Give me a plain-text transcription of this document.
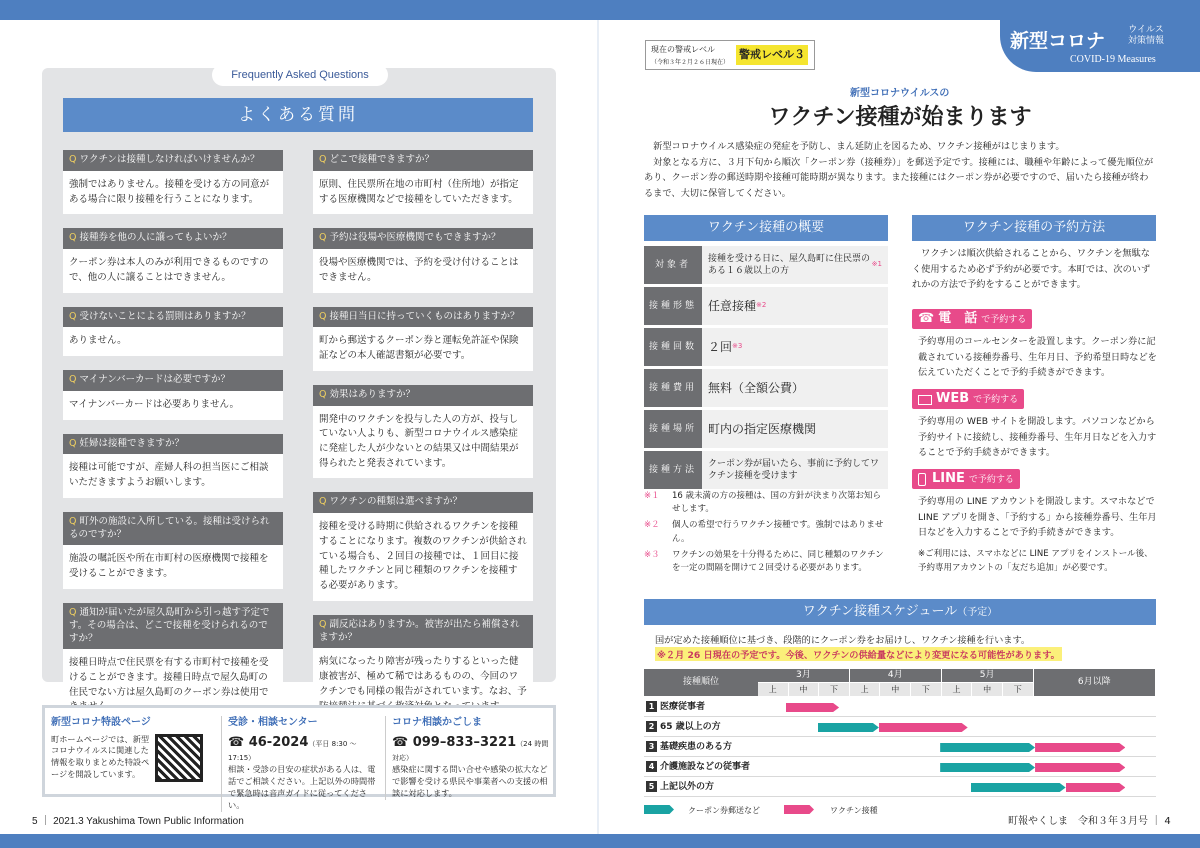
Frequently Asked Questions
よくある質問
Q ワクチンは接種しなければいけませんか？
強制ではありません。接種を受ける方の同意がある場合に限り接種を行うことになります。
Q 接種券を他の人に譲ってもよいか？
クーポン券は本人のみが利用できるものですので、他の人に譲ることはできません。
Q 受けないことによる罰則はありますか？
ありません。
Q マイナンバーカードは必要ですか？
マイナンバーカードは必要ありません。
Q 妊婦は接種できますか？
接種は可能ですが、産婦人科の担当医にご相談いただきますようお願いします。
Q 町外の施設に入所している。接種は受けられるのですか？
施設の嘱託医や所在市町村の医療機関で接種を受けることができます。
Q 通知が届いたが屋久島町から引っ越す予定です。その場合は、どこで接種を受けられるのですか？
接種日時点で住民票を有する市町村で接種を受けることができます。接種日時点で屋久島町の住民でない方は屋久島町のクーポン券は使用で
Q どこで接種できますか？
原則、住民票所在地の市町村（住所地）が指定する医療機関などで接種をしていただきます。
Q 予約は役場や医療機関でもできますか？
役場や医療機関では、予約を受け付けることはできません。
Q 接種日当日に持っていくものはありますか？
町から郵送するクーポン券と運転免許証や保険証などの本人確認書類が必要です。
Q 効果はありますか？
開発中のワクチンを投与した人の方が、投与していない人よりも、新型コロナウイルス感染症に発症した人が少ないとの結果又は中間結果が得られたと発表されています。
Q ワクチンの種類は選べますか？
接種を受ける時期に供給されるワクチンを接種することになります。複数のワクチンが供給されている場合も、２回目の接種では、１回目に接種したワクチンと同じ種類のワクチンを接種する必要があります。
Q 副反応はありますか。被害が出たら補償されますか？
病気になったり障害が残ったりするといった健康被害が、極めて稀ではあるものの、今回のワクチンでも同様の報告がされています。なお、予
新型コロナ特設ページ
町ホームページでは、新型コロナウイルスに関連した情報を取りまとめた特設ページを開設しています。
受診・相談センター
☎ 46-2024（平日 8:30 ～ 17:15）
相談・受診の目安の症状がある人は、電話でご相談ください。上記以外の時間帯で緊急時は音声ガイドに従ってください。
コロナ相談かごしま
☎ 099–833–3221（24 時間対応）
感染症に関する問い合せや感染の拡大などで影響を受ける県民や事業者への支援の相談に対応します。
5 ｜ 2021.3 Yakushima Town Public Information
新型コロナ	ウイルス
対策情報
COVID-19 Measures
現在の警戒レベル
（令和３年２月２６日現在）
警戒レベル３
新型コロナウイルスの
ワクチン接種が始まります
　新型コロナウイルス感染症の発症を予防し、まん延防止を図るため、ワクチン接種がはじまります。
　対象となる方に、３月下旬から順次「クーポン券（接種券）」を郵送予定です。接種には、職種や年齢によって優先順位があり、クーポン券の郵送時期や接種可能時期が異なります。また接種にはクーポン券が必要ですので、届いたら接種が終わるまで、大切に保管してください。
ワクチン接種の概要
対象者
接種を受ける日に、屋久島町に住民票のある１６歳以上の方
※1
接種形態 任意接種 ※2
接種回数 ２回 ※3
接種費用 無料（全額公費）
接種場所 町内の指定医療機関
接種方法
クーポン券が届いたら、事前に予約してワクチン接種を受けます
※１	16 歳未満の方の接種は、国の方針が決まり次第お知らせします。
※２	個人の希望で行うワクチン接種です。強制ではありません。
※３	ワクチンの効果を十分得るために、同じ種類のワクチンを一定の間隔を開けて２回受ける必要があります。
ワクチン接種の予約方法
　ワクチンは順次供給されることから、ワクチンを無駄なく使用するため必ず予約が必要です。本町では、次のいずれかの方法で予約をすることができます。
☎ 電　話 で予約する
予約専用のコールセンターを設置します。クーポン券に記載されている接種券番号、生年月日、予約希望日時などを伝えていただくことで予約手続きができます。
WEB で予約する
予約専用の WEB サイトを開設します。パソコンなどから予約サイトに接続し、接種券番号、生年月日などを入力することで予約手続きができます。
LINE で予約する
予約専用の LINE アカウントを開設します。スマホなどで LINE アプリを開き、「予約する」から接種券番号、生年月日などを入力することで予約手続きができます。
※ご利用には、スマホなどに LINE アプリをインストール後、予約専用アカウントの「友だち追加」が必要です。
ワクチン接種スケジュール（予定）
国が定めた接種順位に基づき、段階的にクーポン券をお届けし、ワクチン接種を行います。
※２月 26 日現在の予定です。今後、ワクチンの供給量などにより変更になる可能性があります。
接種順位
3月
上	中	下
4月
上	中	下
5月
上	中	下
6月以降
1 医療従事者
2 65 歳以上の方
3 基礎疾患のある方
4 介護施設などの従事者
5 上記以外の方
クーポン券郵送など	ワクチン接種
町報やくしま　令和３年３月号 ｜ 4
